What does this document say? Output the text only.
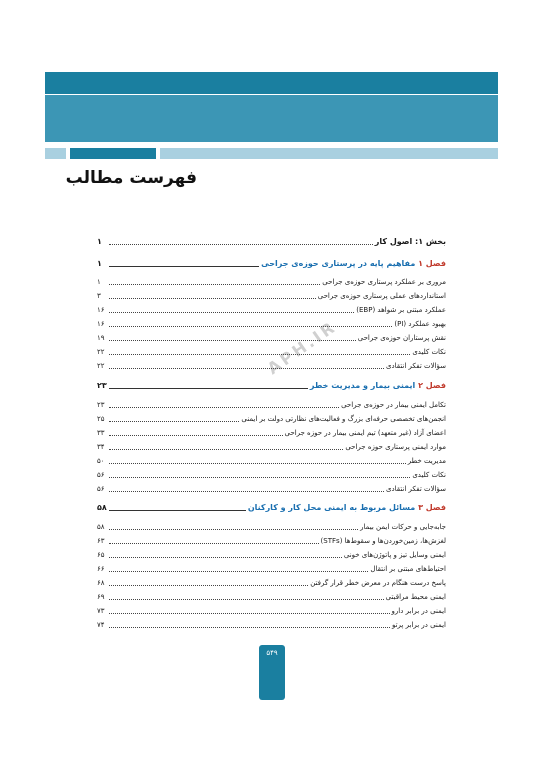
فهرست مطالب
APH.IR
بخش ۱: اصول کار
۱
فصل ۱ مفاهیم پایه در پرستاری حوزه‌ی جراحی
۱
مروری بر عملکرد پرستاری حوزه‌ی جراحی
۱
استانداردهای عملی پرستاری حوزه‌ی جراحی
۳
عملکرد مبتنی بر شواهد (EBP)
۱۶
بهبود عملکرد (PI)
۱۶
نقش پرستاران حوزه‌ی جراحی
۱۹
نکات کلیدی
۲۲
سؤالات تفکر انتقادی
۲۲
فصل ۲ ایمنی بیمار و مدیریت خطر
۲۳
تکامل ایمنی بیمار در حوزه‌ی جراحی
۲۳
انجمن‌های تخصصی حرفه‌ای بزرگ و فعالیت‌های نظارتی دولت بر ایمنی
۲۵
اعضای آزاد (غیر متعهد) تیم ایمنی بیمار در حوزه جراحی
۳۳
موارد ایمنی پرستاری حوزه جراحی
۳۴
مدیریت خطر
۵۰
نکات کلیدی
۵۶
سؤالات تفکر انتقادی
۵۶
فصل ۳ مسائل مربوط به ایمنی محل کار و کارکنان
۵۸
جابه‌جایی و حرکات ایمن بیمار
۵۸
لغزش‌ها، زمین‌خوردن‌ها و سقوط‌ها (STFs)
۶۳
ایمنی وسایل تیز و پاتوژن‌های خونی
۶۵
احتیاط‌های مبتنی بر انتقال
۶۶
پاسخ درست هنگام در معرض خطر قرار گرفتن
۶۸
ایمنی محیط مراقبتی
۶۹
ایمنی در برابر دارو
۷۳
ایمنی در برابر پرتو
۷۴
۵۴۹
